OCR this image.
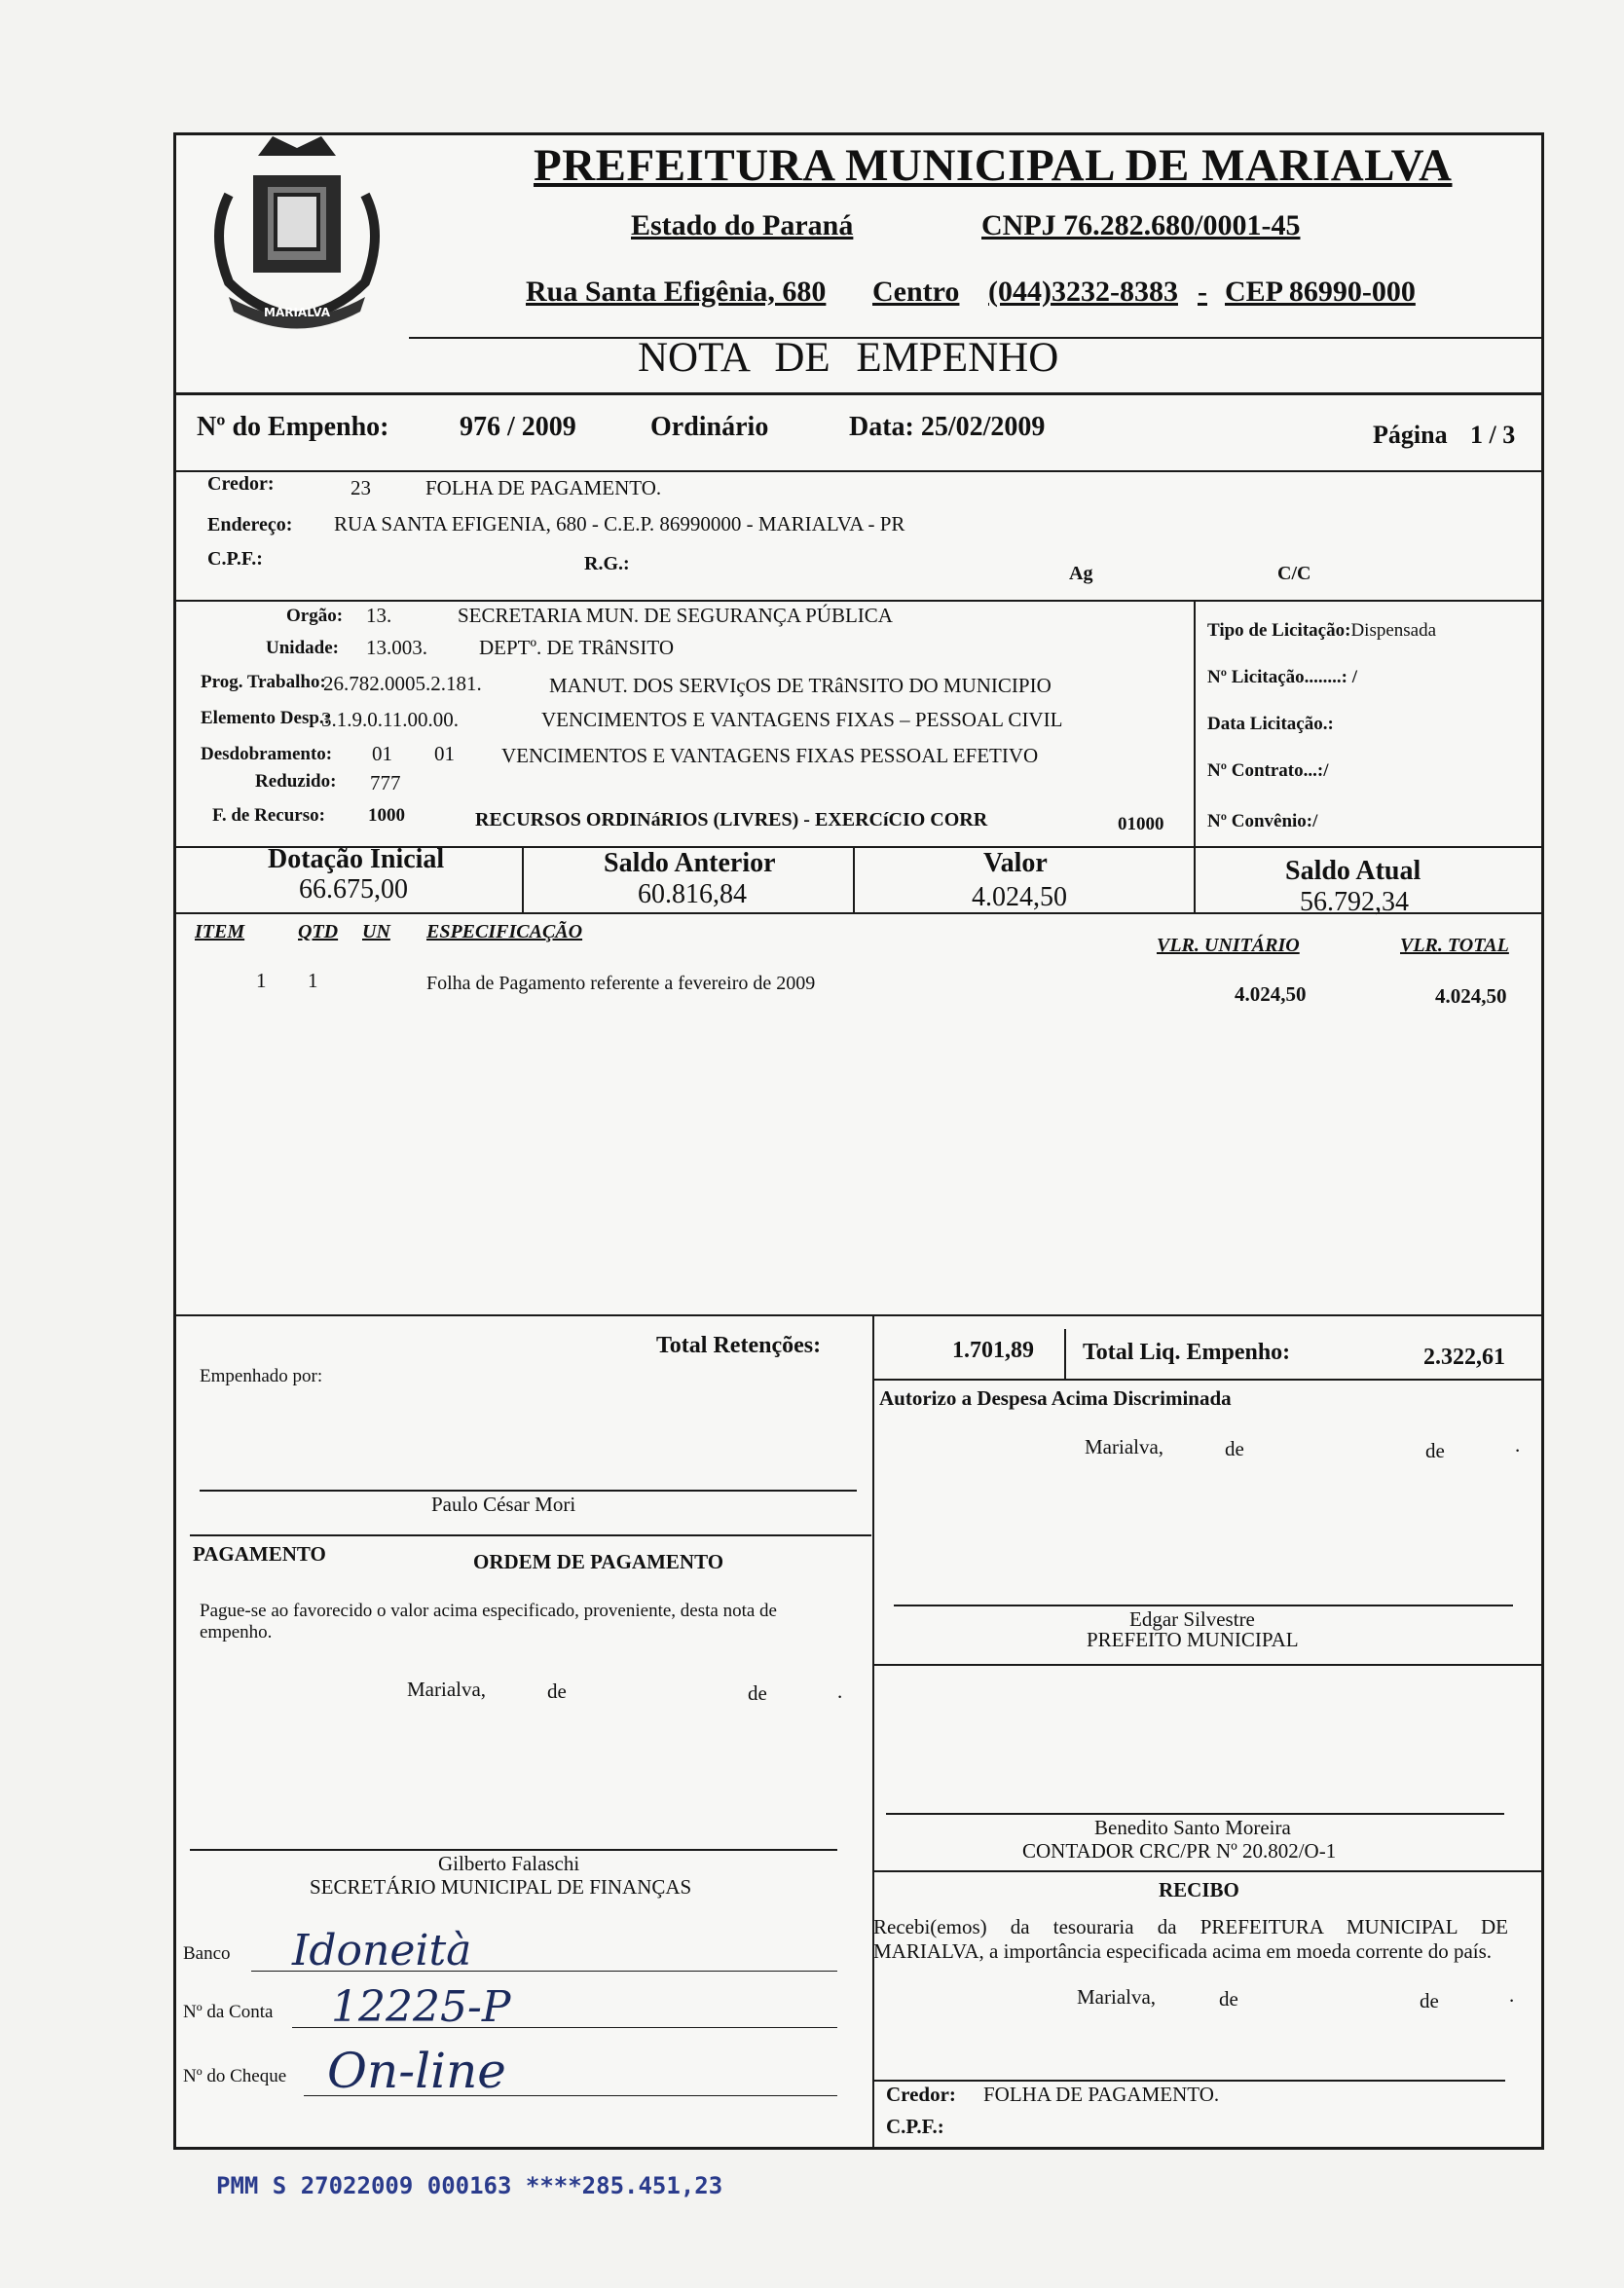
MARIALVA
PREFEITURA MUNICIPAL DE MARIALVA
Estado do Paraná	CNPJ 76.282.680/0001-45
Rua Santa Efigênia, 680 Centro (044)3232-8383 - CEP 86990-000
NOTA DE EMPENHO
Nº do Empenho:	976 / 2009	Ordinário	Data: 25/02/2009	Página 1 / 3
Credor:	23	FOLHA DE PAGAMENTO.
Endereço: RUA SANTA EFIGENIA, 680 - C.E.P. 86990000 - MARIALVA - PR
C.P.F.:	R.G.:	Ag	C/C
Orgão: 13.	SECRETARIA MUN. DE SEGURANÇA PÚBLICA
Unidade: 13.003.	DEPTº. DE TRâNSITO
Prog. Trabalho:
26.782.0005.2.181.	MANUT. DOS SERVIçOS DE TRâNSITO DO MUNICIPIO
Elemento Desp.:
3.1.9.0.11.00.00.	VENCIMENTOS E VANTAGENS FIXAS – PESSOAL CIVIL
Desdobramento: 01 01 VENCIMENTOS E VANTAGENS FIXAS PESSOAL EFETIVO
Reduzido: 777
F. de Recurso: 1000	RECURSOS ORDINáRIOS (LIVRES) - EXERCíCIO CORR	01000
Tipo de Licitação:Dispensada
Nº Licitação........: /
Data Licitação.:
Nº Contrato...:/
Nº Convênio:/
Dotação Inicial
66.675,00
Saldo Anterior
60.816,84
Valor
4.024,50
Saldo Atual
56.792,34
ITEM	QTD UN ESPECIFICAÇÃO
VLR. UNITÁRIO	VLR. TOTAL
1 1	Folha de Pagamento referente a fevereiro de 2009	4.024,50	4.024,50
Total Retenções:	1.701,89 Total Liq. Empenho:	2.322,61
Empenhado por:
Paulo César Mori
PAGAMENTO	ORDEM DE PAGAMENTO
Pague-se ao favorecido o valor acima especificado, proveniente, desta nota de empenho.
Marialva,	de	de	.
Gilberto Falaschi
SECRETÁRIO MUNICIPAL DE FINANÇAS
Banco Idoneità
Nº da Conta 12225-P
Nº do Cheque On-line
Autorizo a Despesa Acima Discriminada
Marialva,	de	de	.
Edgar Silvestre
PREFEITO MUNICIPAL
Benedito Santo Moreira
CONTADOR CRC/PR Nº 20.802/O-1
RECIBO
Recebi(emos) da tesouraria da PREFEITURA MUNICIPAL DE MARIALVA, a importância especificada acima em moeda corrente do país.
Marialva,	de	de	.
Credor: FOLHA DE PAGAMENTO.
C.P.F.:
PMM S 27022009 000163 ****285.451,23
